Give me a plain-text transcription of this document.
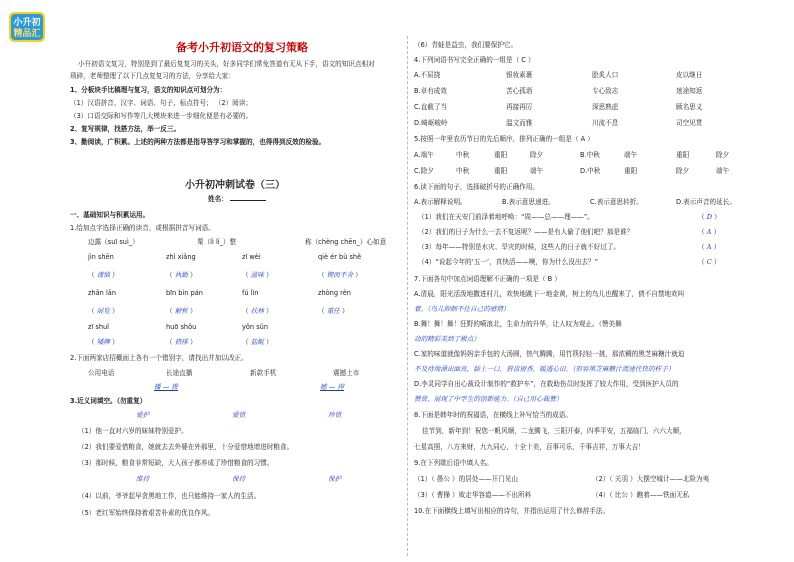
小升初
精品汇
备考小升初语文的复习策略
小升初语文复习，特别是到了最后复复习的关头，好多同学们常免答道有无从下手，语文的知识点相对
琐碎，老师整理了以下几点复复习的方法，分享给大家：
1、分板块手比稿理与复习，语文的知识点可划分为：
（1）汉语拼音、汉字、词语、句子、标点符号； （2）阅读；
（3）口语交际和写作等几大模块来进一步细化便是有必要的。
2、复写规律，找搭方法，举一反三。
3、勤阅读，广积累。上述的两种方法都是指导答学习和掌握的，也得得到反效的检验。
小升初冲刺试卷（三）
姓名：
一、基础知识与积累运用。
1.给加点字选择正确的读音，或根据拼音写词语。
边露（suī suì_）	栗（lì lì_）整	称（chèng chēn_）心如意
jìn shēn	zhì xiǎng	zī wèi	qiè ér bù shě
（ 谨慎 ）	（ 执勤 ）	（ 滋味 ）	（ 锲而不舍 ）
zhǎn lǎn	bīn bìn pán	fú lìn	zhòng rèn
（ 展览 ）	（ 解析 ）	（ 扶林 ）	（ 重任 ）
zī shuǐ	huō shǒu	yǒn sǔn
（ 矮牌 ）	（ 搭排 ）	（ 盐鲲 ）
2.下面两家店招概面上各有一个错别字，请找出并加以改正。
公用电话	长途直播	新款手机	震撼上市
播 — 拨	撼 — 捍
3.近义词填空。（勿重复）
爱护	爱惜	珍惜
（1）他一直对六岁的妹妹特别爱护。
（2）我们要爱惜粮食，她就去去外婆在外那里，十分爱惜地增进时粮食。
（3）那时候，粮食非常短缺，大人孩子都养成了珍惜粮食的习惯。
维持	保持	保护
（4）以前，爷爷起早贪黑地工作，也只能维持一家人的生活。
（5）老红军始终保持着艰苦朴素的优良作风。
（6）青蛙是益虫，我们要保护它。
4.下列词语书写完全正确的一组是（ C ）
A.不屈挠	银妆素裹	脍炙人口	皮以继日
B.卓有成效	苦心孤诣	专心致志	迷途知返
C.直截了当	再接再厉	深思熟虑	顾名思义
D.崎岖峻岭	温文而雅	川流不息	司空见贯
5.按照一年里农历节日的先后顺序，排列正确的一组是（ A ）
A.端午	中秋	重阳	除夕	B.中秋	端午	重阳	除夕
C.除夕	中秋	重阳	端午	D.中秋	重阳	除夕	端午
6.读下面的句子，选择破折号的正确作用。
A.表示解释说明。	B.表示意思递进。	C.表示意思转折。	D.表示声音的延长。
（1）我们在天安门前泽着地呼唤：“周——总——理——”。	（ D ）
（2）我们的日子为什么一去不复返呢？——是有人偷了他们吧？那是谁？	（ A ）
（3）每年——特别是水灾、旱灾的时候，这些人的日子就不好过了。	（ A ）
（4）“说起今年的‘五一’，真快活——噢，你为什么没出去？”	（ C ）
7.下面各句中加点词语理解不正确的一项是（ B ）
A.清晨，阳光活泼地撒进村儿，欢快地跳下一地金黄，树上的鸟儿也醒来了，倩不自禁地欢叫
着。（鸟儿抑制不住自己的感情）
B.舞！舞！舞！狂野的嗬浪北，生命力的升华，让人叹为观止。（赞美舞
动的精彩美到了极点）
C.家的味道就像妈妈亲手包的大汤圆，热气腾腾，用竹筷轻轻一挑，那浓稠的黑芝麻糖汁就迫
不及待地涌出面良，舔上一口，唇齿留香，暖透心田。（形容黑芝麻糖汁流速往快的样子）
D.李灵同学自出心裁设计制作的“救护车”，在救助伤员时发挥了较大作用，受到医护人员的
赞赏，展现了中学生的创新能力。（自己用心裁赞）
8.下面是韩年时的祝福语，在横线上补写恰当的成语。
佳节到，新年到！祝您一帆风顺，二龙腾飞，三阳开泰，四季平安，五福临门，六六大顺，
七星高照，八方来财，九九同心，十全十美，百事可乐，千事吉祥，万事大吉！
9.在下列歇后语中填人名。
（1）（ 愚公 ）的居处——开门见山	（2）（ 关羽 ）大摆空城计——北险为夷
（3）（ 曹操 ）败走华容道——不出所料	（4）（ 比公 ）瞧着——铁面无私
10.在下面横线上填写出相应的诗句，并指出运用了什么修辞手法。
